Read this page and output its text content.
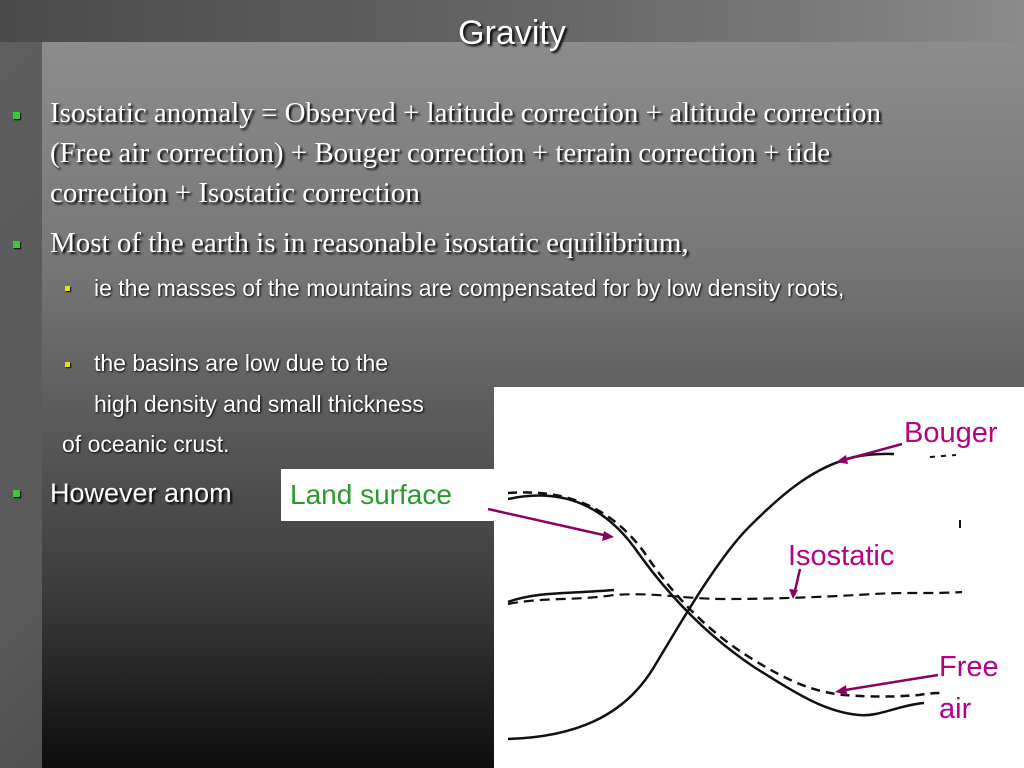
Gravity
Isostatic anomaly = Observed + latitude correction + altitude correction (Free air correction) + Bouger correction + terrain correction + tide correction + Isostatic correction
Most of the earth is in reasonable isostatic equilibrium,
ie the masses of the mountains are compensated for by low density roots,
the basins are low due to the
high density and small thickness
of oceanic crust.
However anom	Land surface
Bouger
Isostatic
Free
air
